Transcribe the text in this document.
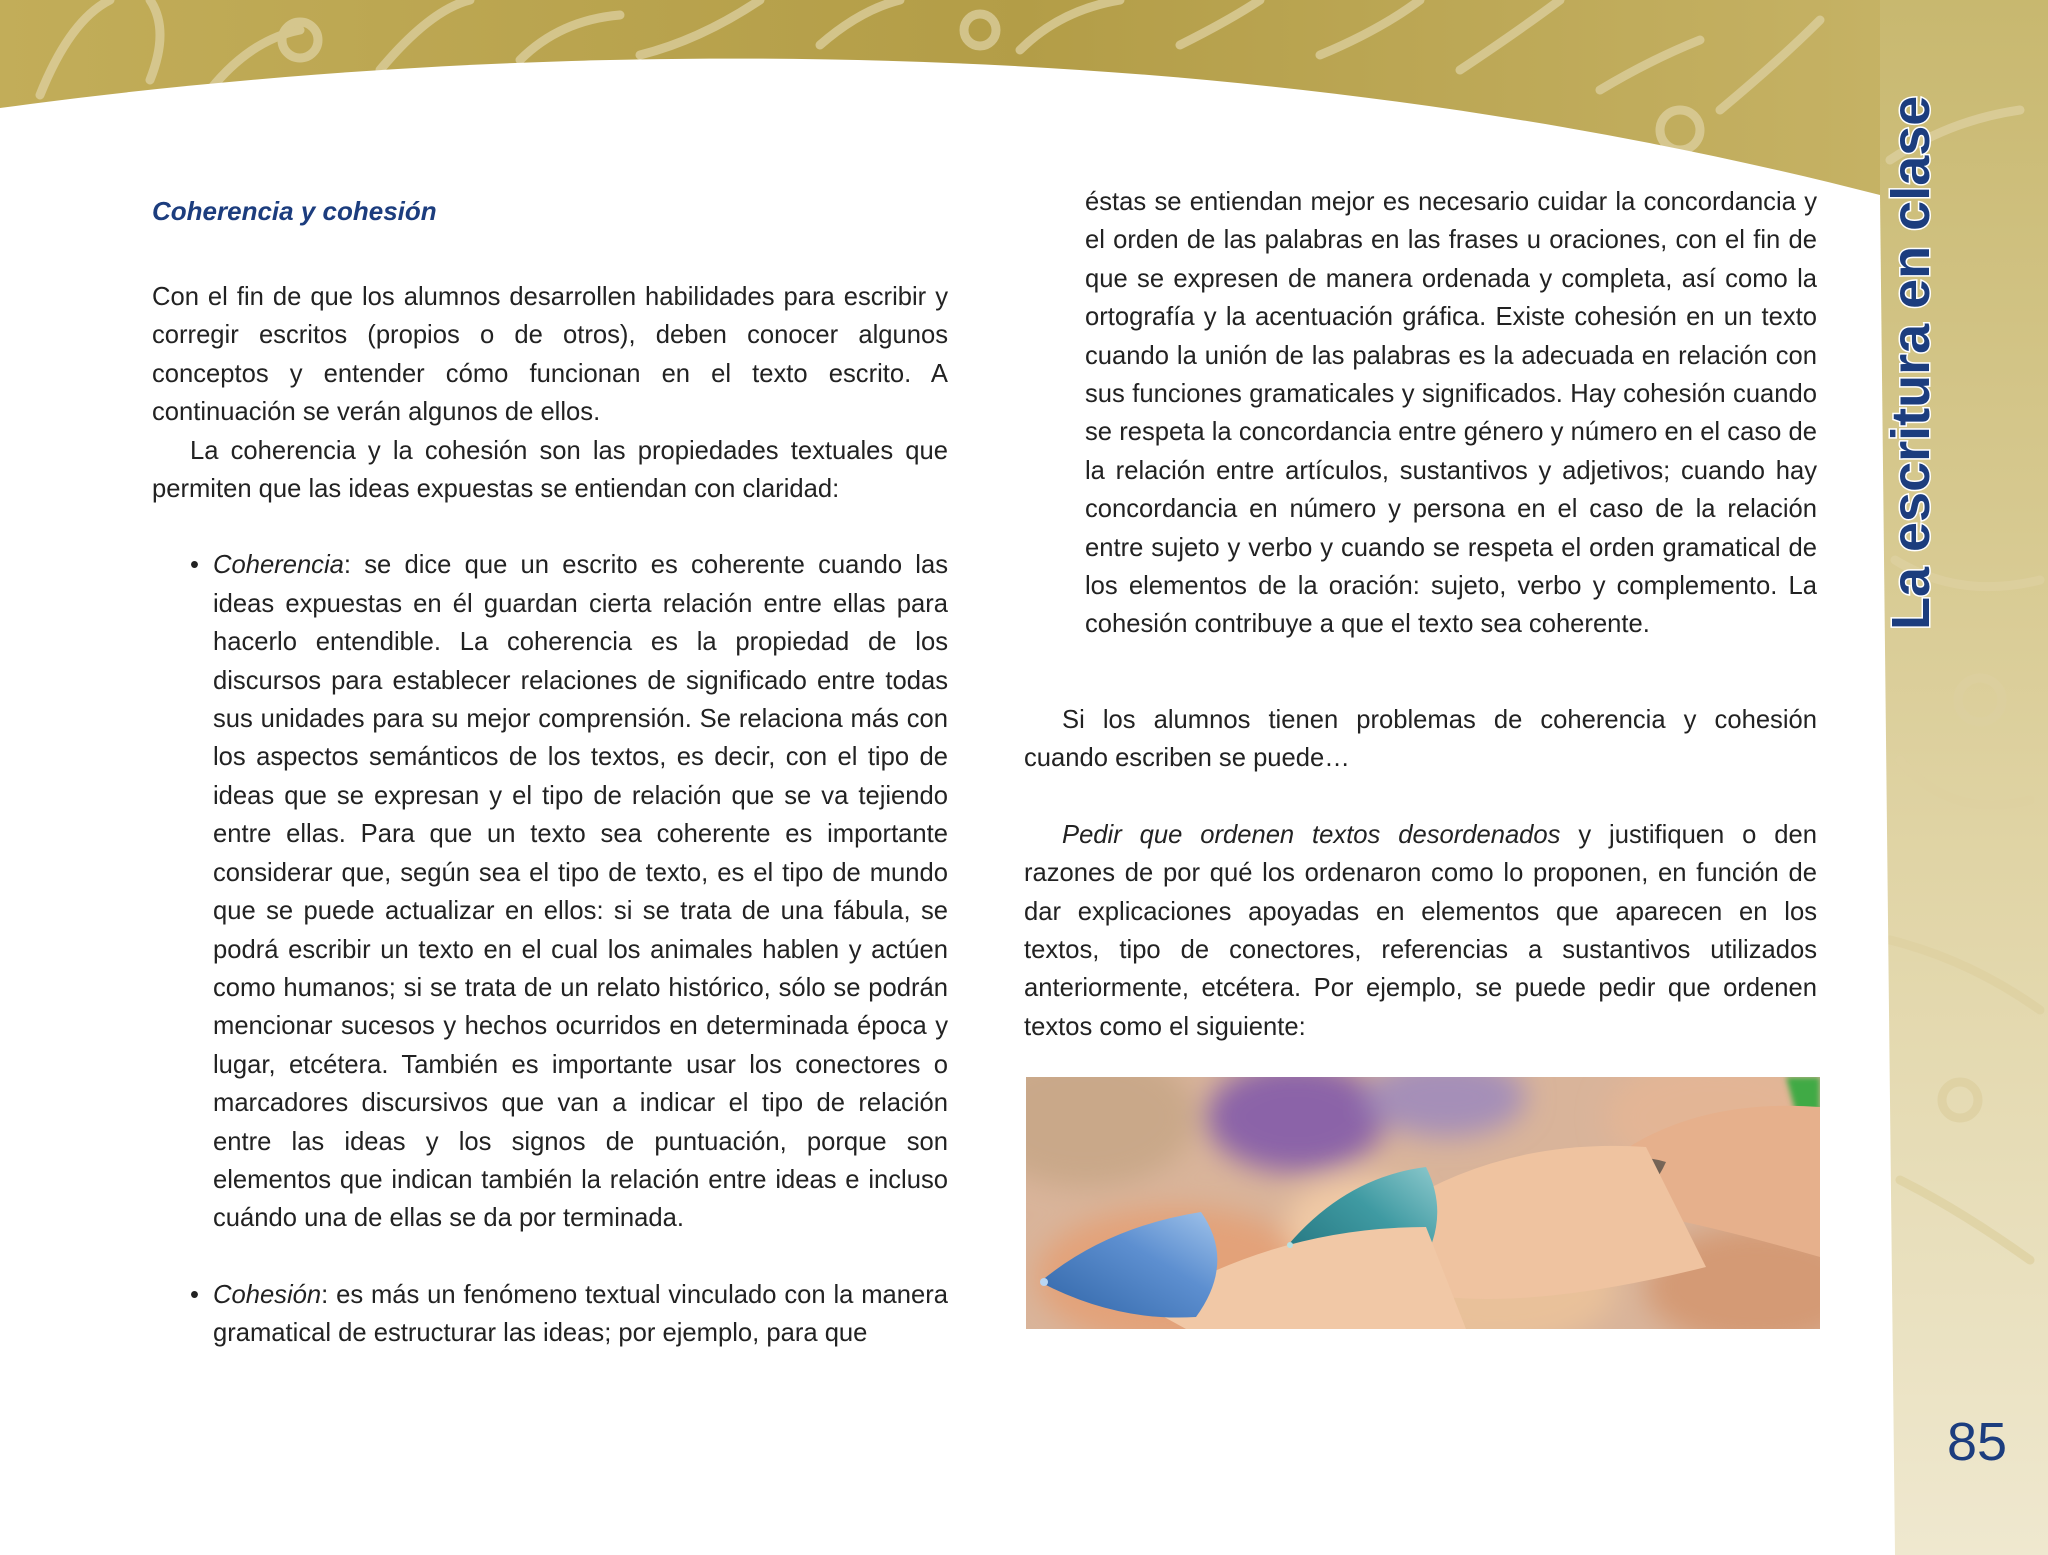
Coherencia y cohesión

Con el fin de que los alumnos desarrollen habilidades para escribir y corregir escritos (propios o de otros), deben conocer algunos conceptos y entender cómo funcionan en el texto escrito. A continuación se verán algunos de ellos.

La coherencia y la cohesión son las propiedades textuales que permiten que las ideas expuestas se entiendan con claridad:

• Coherencia: se dice que un escrito es coherente cuando las ideas expuestas en él guardan cierta relación entre ellas para hacerlo entendible. La coherencia es la propiedad de los discursos para establecer relaciones de significado entre todas sus unidades para su mejor comprensión. Se relaciona más con los aspectos semánticos de los textos, es decir, con el tipo de ideas que se expresan y el tipo de relación que se va tejiendo entre ellas. Para que un texto sea coherente es importante considerar que, según sea el tipo de texto, es el tipo de mundo que se puede actualizar en ellos: si se trata de una fábula, se podrá escribir un texto en el cual los animales hablen y actúen como humanos; si se trata de un relato histórico, sólo se podrán mencionar sucesos y hechos ocurridos en determinada época y lugar, etcétera. También es importante usar los conectores o marcadores discursivos que van a indicar el tipo de relación entre las ideas y los signos de puntuación, porque son elementos que indican también la relación entre ideas e incluso cuándo una de ellas se da por terminada.

• Cohesión: es más un fenómeno textual vinculado con la manera gramatical de estructurar las ideas; por ejemplo, para que

éstas se entiendan mejor es necesario cuidar la concordancia y el orden de las palabras en las frases u oraciones, con el fin de que se expresen de manera ordenada y completa, así como la ortografía y la acentuación gráfica. Existe cohesión en un texto cuando la unión de las palabras es la adecuada en relación con sus funciones gramaticales y significados. Hay cohesión cuando se respeta la concordancia entre género y número en el caso de la relación entre artículos, sustantivos y adjetivos; cuando hay concordancia en número y persona en el caso de la relación entre sujeto y verbo y cuando se respeta el orden gramatical de los elementos de la oración: sujeto, verbo y complemento. La cohesión contribuye a que el texto sea coherente.

Si los alumnos tienen problemas de coherencia y cohesión cuando escriben se puede…

Pedir que ordenen textos desordenados y justifiquen o den razones de por qué los ordenaron como lo proponen, en función de dar explicaciones apoyadas en elementos que aparecen en los textos, tipo de conectores, referencias a sustantivos utilizados anteriormente, etcétera. Por ejemplo, se puede pedir que ordenen textos como el siguiente:

La escritura en clase
85
